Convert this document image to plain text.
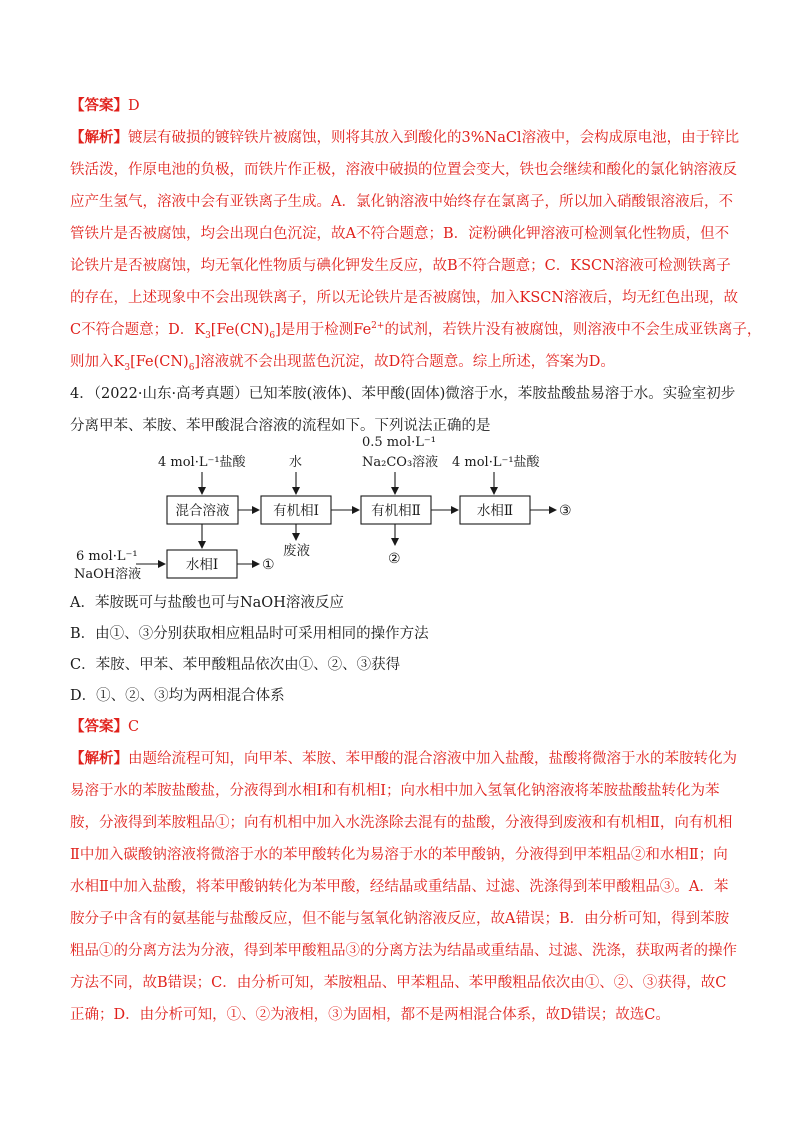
【答案】D
【解析】镀层有破损的镀锌铁片被腐蚀，则将其放入到酸化的3%NaCl溶液中，会构成原电池，由于锌比
铁活泼，作原电池的负极，而铁片作正极，溶液中破损的位置会变大，铁也会继续和酸化的氯化钠溶液反
应产生氢气，溶液中会有亚铁离子生成。A．氯化钠溶液中始终存在氯离子，所以加入硝酸银溶液后，不
管铁片是否被腐蚀，均会出现白色沉淀，故A不符合题意；B．淀粉碘化钾溶液可检测氧化性物质，但不
论铁片是否被腐蚀，均无氧化性物质与碘化钾发生反应，故B不符合题意；C．KSCN溶液可检测铁离子
的存在，上述现象中不会出现铁离子，所以无论铁片是否被腐蚀，加入KSCN溶液后，均无红色出现，故
C不符合题意；D．$K_3[Fe(CN)_6]$是用于检测$Fe^{2+}$的试剂，若铁片没有被腐蚀，则溶液中不会生成亚铁离子，
则加入$K_3[Fe(CN)_6]$溶液就不会出现蓝色沉淀，故D符合题意。综上所述，答案为D。
4．（2022·山东·高考真题）已知苯胺(液体)、苯甲酸(固体)微溶于水，苯胺盐酸盐易溶于水。实验室初步
分离甲苯、苯胺、苯甲酸混合溶液的流程如下。下列说法正确的是
4 mol·L⁻¹盐酸	水
0.5 mol·L⁻¹
Na₂CO₃溶液 4 mol·L⁻¹盐酸
混合溶液	有机相Ⅰ	有机相Ⅱ	水相Ⅱ	③
废液	②
水相Ⅰ	①
6 mol·L⁻¹
NaOH溶液
A．苯胺既可与盐酸也可与NaOH溶液反应
B．由①、③分别获取相应粗品时可采用相同的操作方法
C．苯胺、甲苯、苯甲酸粗品依次由①、②、③获得
D．①、②、③均为两相混合体系
【答案】C
【解析】由题给流程可知，向甲苯、苯胺、苯甲酸的混合溶液中加入盐酸，盐酸将微溶于水的苯胺转化为
易溶于水的苯胺盐酸盐，分液得到水相Ⅰ和有机相Ⅰ；向水相中加入氢氧化钠溶液将苯胺盐酸盐转化为苯
胺，分液得到苯胺粗品①；向有机相中加入水洗涤除去混有的盐酸，分液得到废液和有机相Ⅱ，向有机相
Ⅱ中加入碳酸钠溶液将微溶于水的苯甲酸转化为易溶于水的苯甲酸钠，分液得到甲苯粗品②和水相Ⅱ；向
水相Ⅱ中加入盐酸，将苯甲酸钠转化为苯甲酸，经结晶或重结晶、过滤、洗涤得到苯甲酸粗品③。A．苯
胺分子中含有的氨基能与盐酸反应，但不能与氢氧化钠溶液反应，故A错误；B．由分析可知，得到苯胺
粗品①的分离方法为分液，得到苯甲酸粗品③的分离方法为结晶或重结晶、过滤、洗涤，获取两者的操作
方法不同，故B错误；C．由分析可知，苯胺粗品、甲苯粗品、苯甲酸粗品依次由①、②、③获得，故C
正确；D．由分析可知，①、②为液相，③为固相，都不是两相混合体系，故D错误；故选C。
